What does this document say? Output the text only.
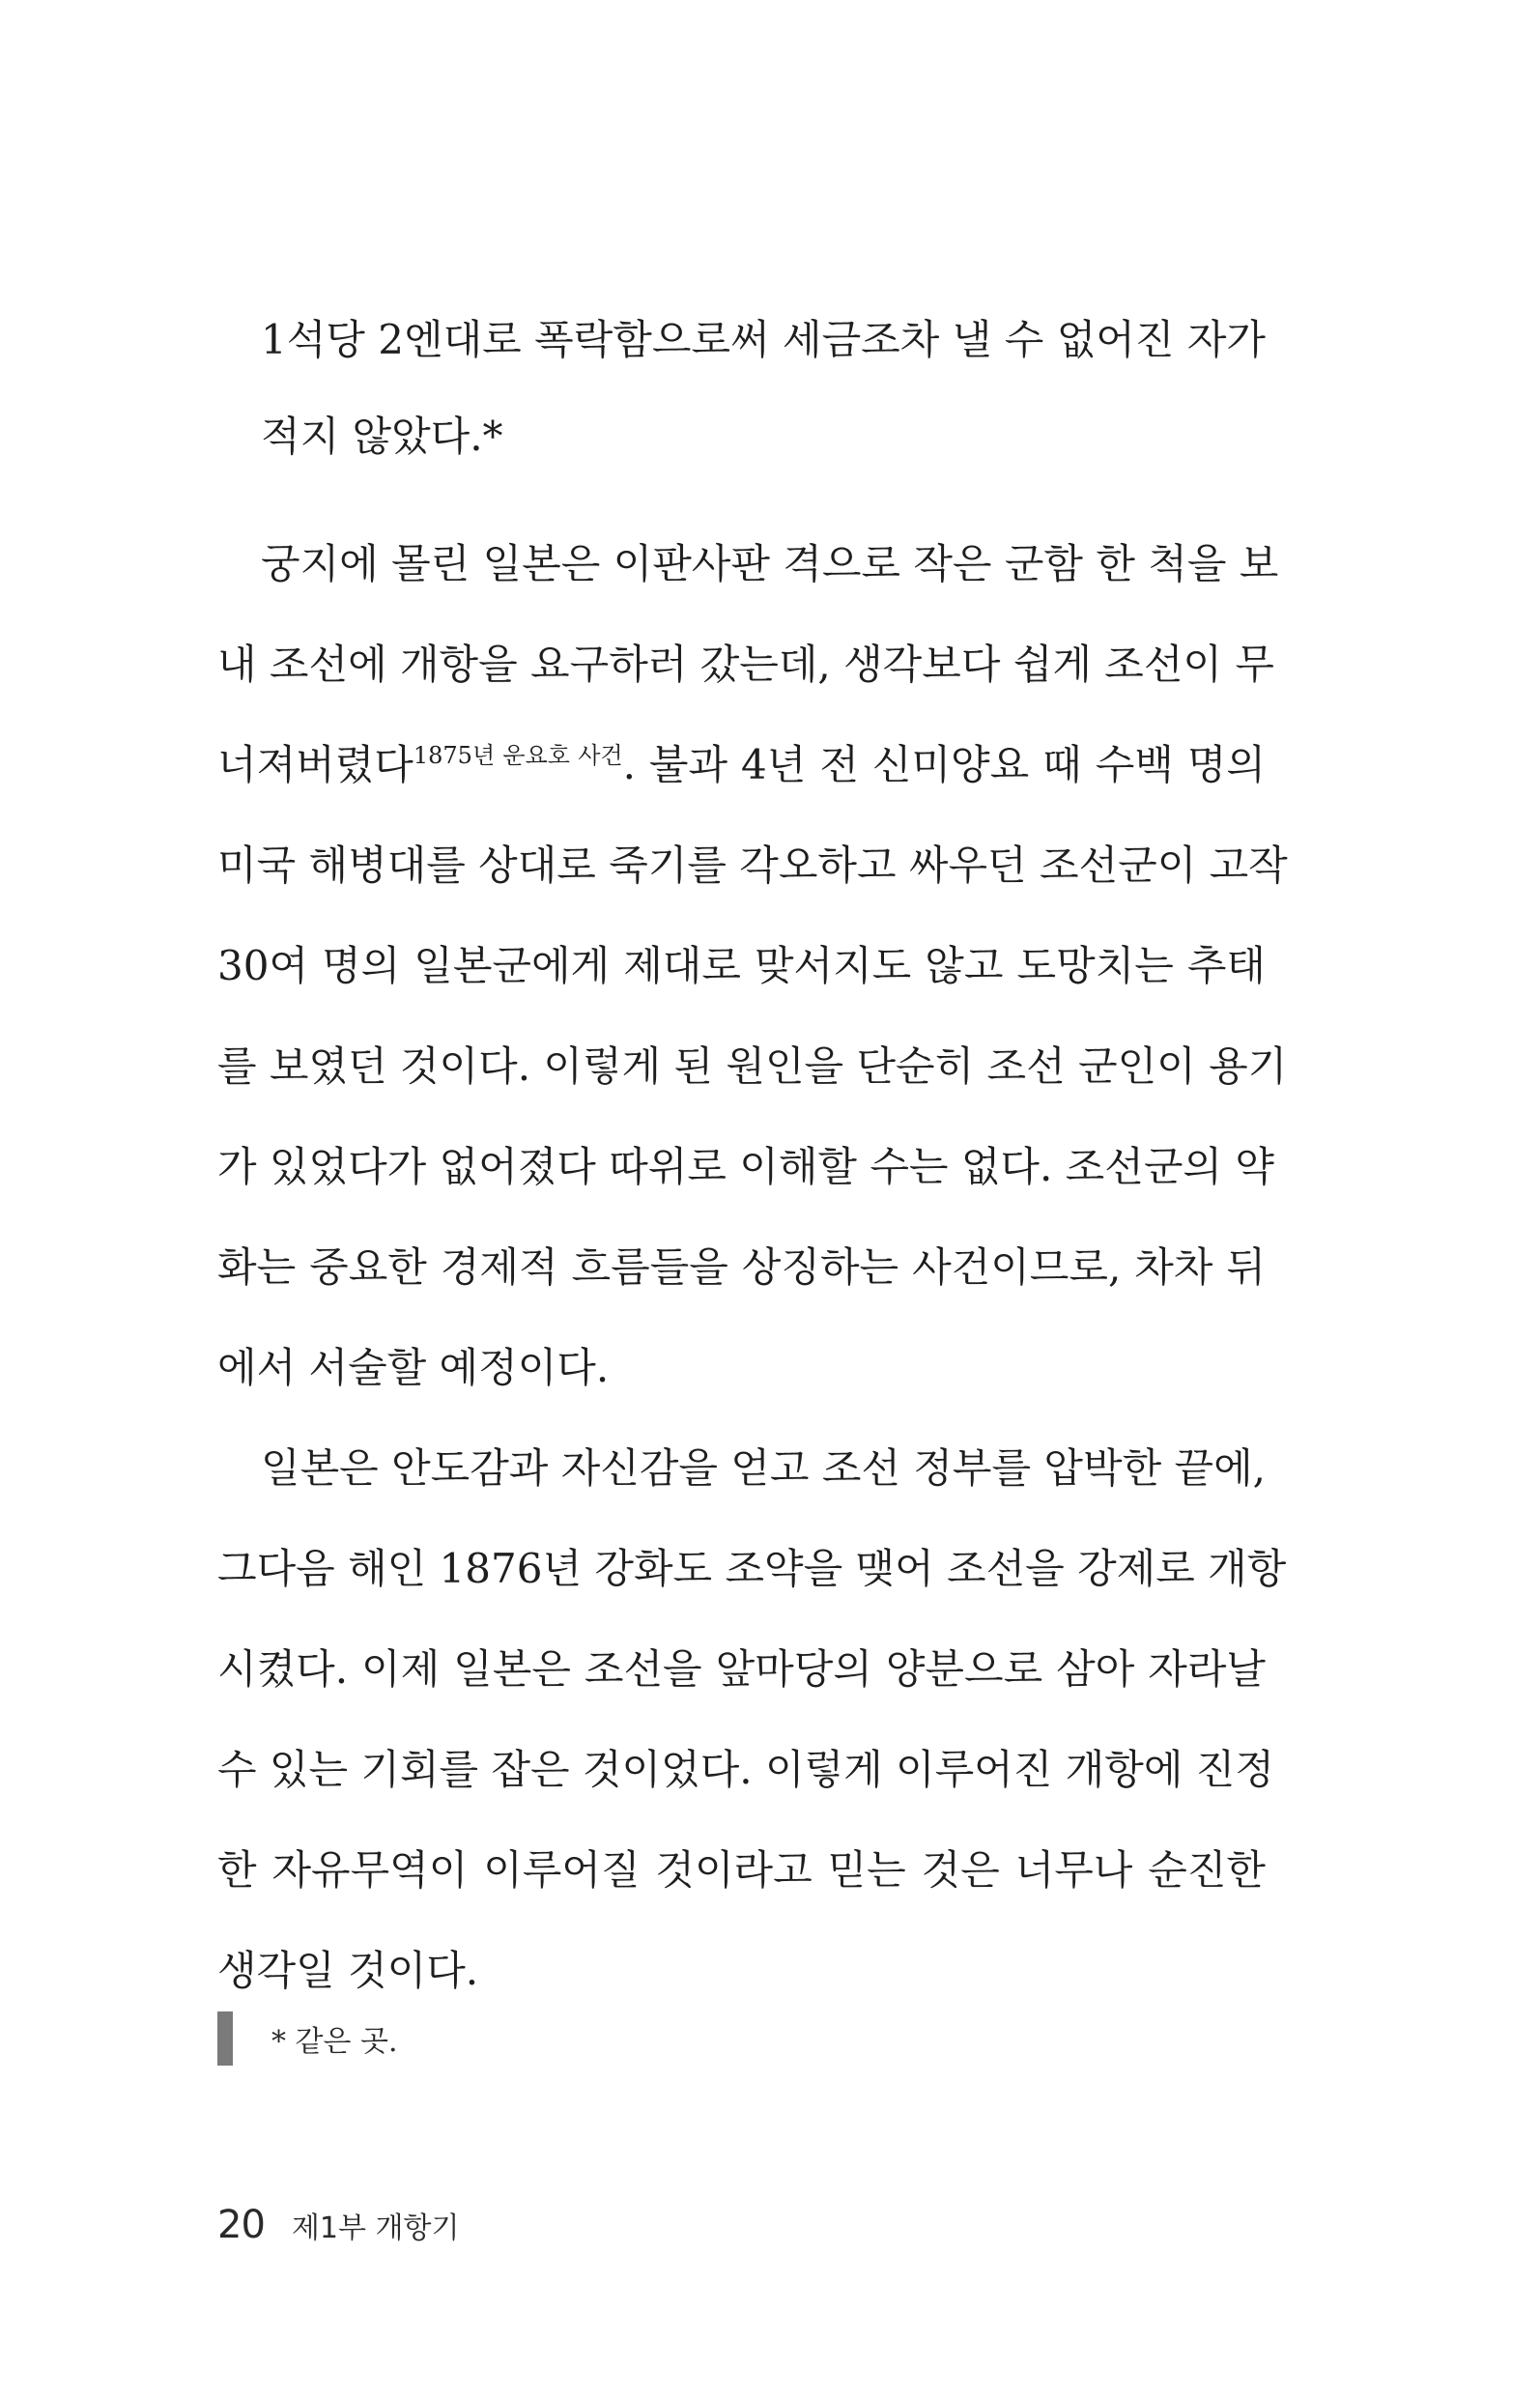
1석당 2엔대로 폭락함으로써 세금조차 낼 수 없어진 자가
적지 않았다.*
궁지에 몰린 일본은 이판사판 격으로 작은 군함 한 척을 보
내 조선에 개항을 요구하러 갔는데, 생각보다 쉽게 조선이 무
너져버렸다$^{1875년 운요호 사건}$. 불과 4년 전 신미양요 때 수백 명의
미국 해병대를 상대로 죽기를 각오하고 싸우던 조선군이 고작
30여 명의 일본군에게 제대로 맞서지도 않고 도망치는 추태
를 보였던 것이다. 이렇게 된 원인을 단순히 조선 군인이 용기
가 있었다가 없어졌다 따위로 이해할 수는 없다. 조선군의 약
화는 중요한 경제적 흐름들을 상징하는 사건이므로, 차차 뒤
에서 서술할 예정이다.
일본은 안도감과 자신감을 얻고 조선 정부를 압박한 끝에,
그다음 해인 1876년 강화도 조약을 맺어 조선을 강제로 개항
시켰다. 이제 일본은 조선을 앞마당의 양분으로 삼아 자라날
수 있는 기회를 잡은 것이었다. 이렇게 이루어진 개항에 진정
한 자유무역이 이루어질 것이라고 믿는 것은 너무나 순진한
생각일 것이다.
* 같은 곳.
20 제1부 개항기
